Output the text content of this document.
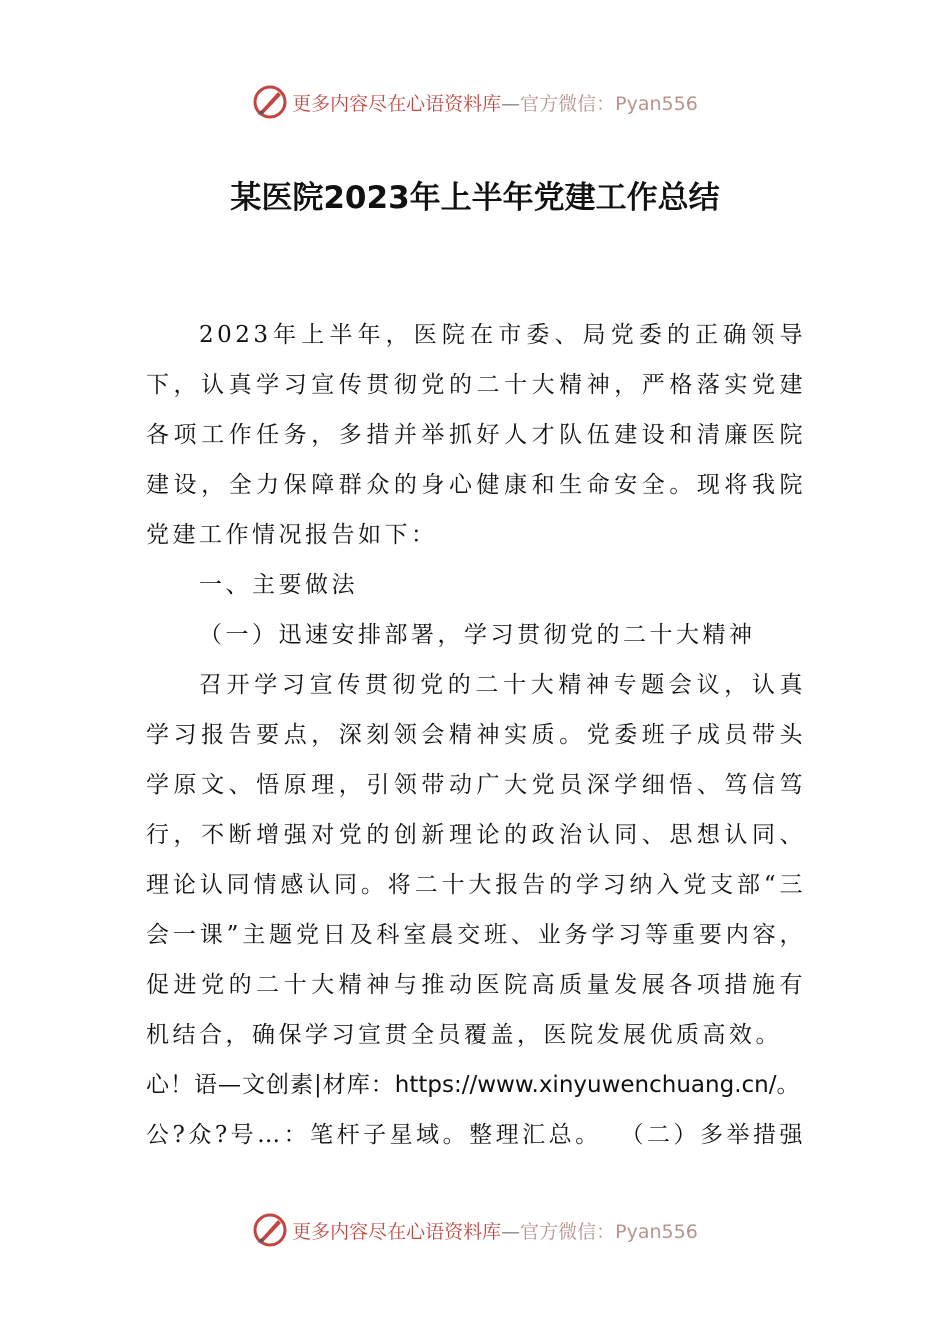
更多内容尽在心语资料库—官方微信：Pyan556
某医院2023年上半年党建工作总结

2023年上半年，医院在市委、局党委的正确领导下，认真学习宣传贯彻党的二十大精神，严格落实党建各项工作任务，多措并举抓好人才队伍建设和清廉医院建设，全力保障群众的身心健康和生命安全。现将我院党建工作情况报告如下：

一、主要做法

（一）迅速安排部署，学习贯彻党的二十大精神

召开学习宣传贯彻党的二十大精神专题会议，认真学习报告要点，深刻领会精神实质。党委班子成员带头学原文、悟原理，引领带动广大党员深学细悟、笃信笃行，不断增强对党的创新理论的政治认同、思想认同、理论认同情感认同。将二十大报告的学习纳入党支部“三会一课”主题党日及科室晨交班、业务学习等重要内容，促进党的二十大精神与推动医院高质量发展各项措施有机结合，确保学习宣贯全员覆盖，医院发展优质高效。

心！语—文创素|材库：https://www.xinyuwenchuang.cn/。

公?众?号…：笔杆子星域。整理汇总。 （二）多举措强

更多内容尽在心语资料库—官方微信：Pyan556
